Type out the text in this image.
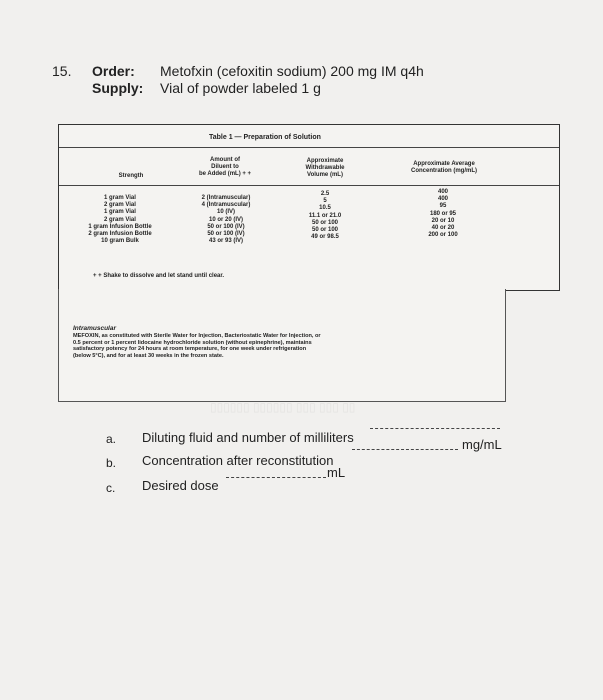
15. Order: Metofxin (cefoxitin sodium) 200 mg IM q4h
Supply: Vial of powder labeled 1 g
Table 1 — Preparation of Solution
Strength
Amount of
Diluent to
be Added (mL) + +
Approximate
Withdrawable
Volume (mL)
Approximate Average
Concentration (mg/mL)
1 gram Vial
2 gram Vial
1 gram Vial
2 gram Vial
1 gram Infusion Bottle
2 gram Infusion Bottle
10 gram Bulk
2 (Intramuscular)
4 (Intramuscular)
10 (IV)
10 or 20 (IV)
50 or 100 (IV)
50 or 100 (IV)
43 or 93 (IV)
2.5
5
10.5
11.1 or 21.0
50 or 100
50 or 100
49 or 98.5
400
400
95
180 or 95
20 or 10
40 or 20
200 or 100
+ + Shake to dissolve and let stand until clear.
Intramuscular
MEFOXIN, as constituted with Sterile Water for Injection, Bacteriostatic Water for Injection, or 0.5 percent or 1 percent lidocaine hydrochloride solution (without epinephrine), maintains satisfactory potency for 24 hours at room temperature, for one week under refrigeration (below 5°C), and for at least 30 weeks in the frozen state.
▯▯▯▯▯▯ ▯▯▯▯▯▯ ▯▯▯ ▯▯▯ ▯▯
a. Diluting fluid and number of milliliters
b. Concentration after reconstitution
mg/mL
c. Desired dose
mL
